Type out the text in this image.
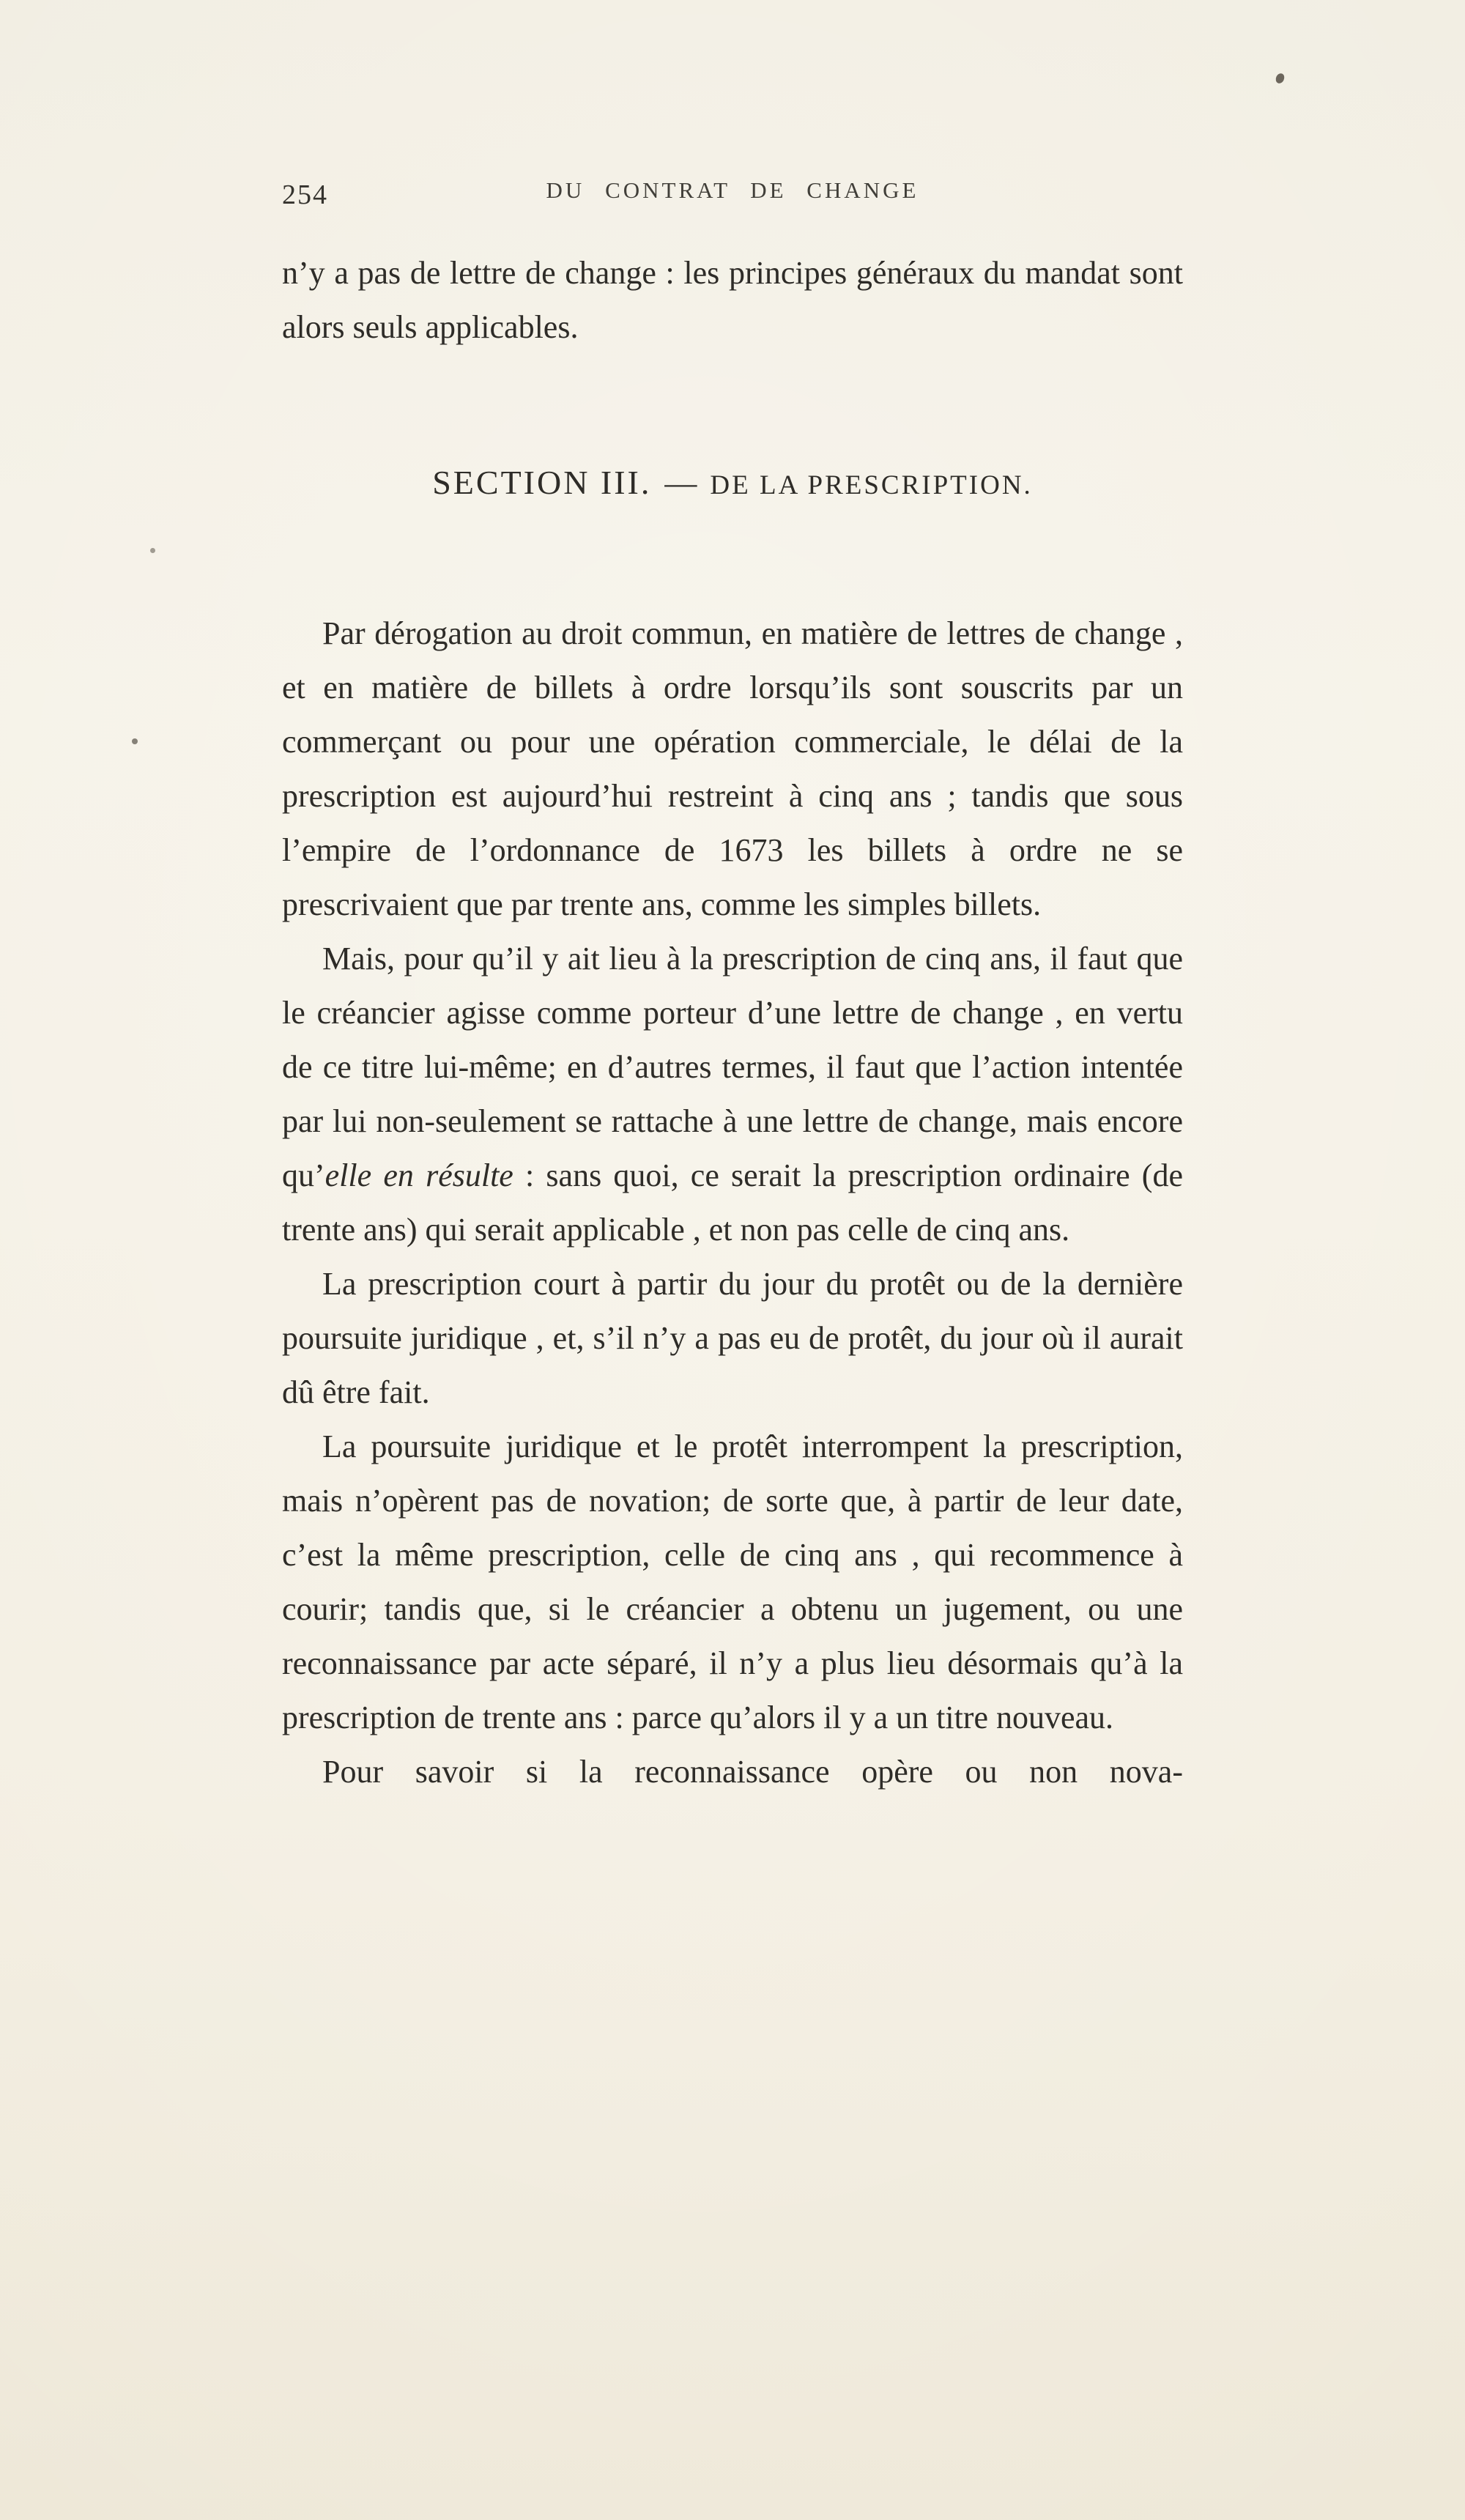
254	DU CONTRAT DE CHANGE

n’y a pas de lettre de change : les principes généraux du mandat sont alors seuls applicables.

SECTION III. — DE LA PRESCRIPTION.

Par dérogation au droit commun, en matière de lettres de change , et en matière de billets à ordre lorsqu’ils sont souscrits par un commerçant ou pour une opération commerciale, le délai de la prescription est aujourd’hui restreint à cinq ans ; tandis que sous l’empire de l’ordonnance de 1673 les billets à ordre ne se prescrivaient que par trente ans, comme les simples billets.

Mais, pour qu’il y ait lieu à la prescription de cinq ans, il faut que le créancier agisse comme porteur d’une lettre de change , en vertu de ce titre lui-même; en d’autres termes, il faut que l’action intentée par lui non-seulement se rattache à une lettre de change, mais encore qu’elle en résulte : sans quoi, ce serait la prescription ordinaire (de trente ans) qui serait applicable , et non pas celle de cinq ans.

La prescription court à partir du jour du protêt ou de la dernière poursuite juridique , et, s’il n’y a pas eu de protêt, du jour où il aurait dû être fait.

La poursuite juridique et le protêt interrompent la prescription, mais n’opèrent pas de novation; de sorte que, à partir de leur date, c’est la même prescription, celle de cinq ans , qui recommence à courir; tandis que, si le créancier a obtenu un jugement, ou une reconnaissance par acte séparé, il n’y a plus lieu désormais qu’à la prescription de trente ans : parce qu’alors il y a un titre nouveau.

Pour savoir si la reconnaissance opère ou non nova-
